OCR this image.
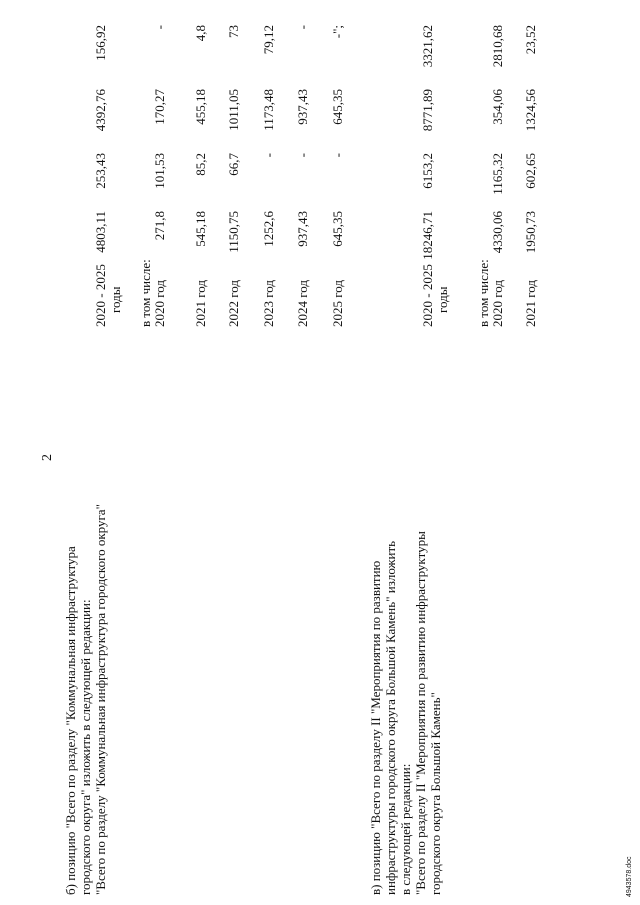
2
б) позицию "Всего по разделу "Коммунальная инфраструктура городского округа" изложить в следующей редакции: "Всего по разделу "Коммунальная инфраструктура городского округа"
2020 - 2025 годы
4803,11
253,43
4392,76
156,92
в том числе: 2020 год
271,8
101,53
170,27
-
2021 год
545,18
85,2
455,18
4,8
2022 год
1150,75
66,7
1011,05
73
2023 год
1252,6
-
1173,48
79,12
2024 год
937,43
-
937,43
-
2025 год
645,35
-
645,35
-";
в) позицию "Всего по разделу II "Мероприятия по развитию инфраструктуры городского округа Большой Камень" изложить в следующей редакции: "Всего по разделу II "Мероприятия по развитию инфраструктуры городского округа Большой Камень"
2020 - 2025 годы
18246,71
6153,2
8771,89
3321,62
в том числе: 2020 год
4330,06
1165,32
354,06
2810,68
2021 год
1950,73
602,65
1324,56
23,52
4943578.doc
